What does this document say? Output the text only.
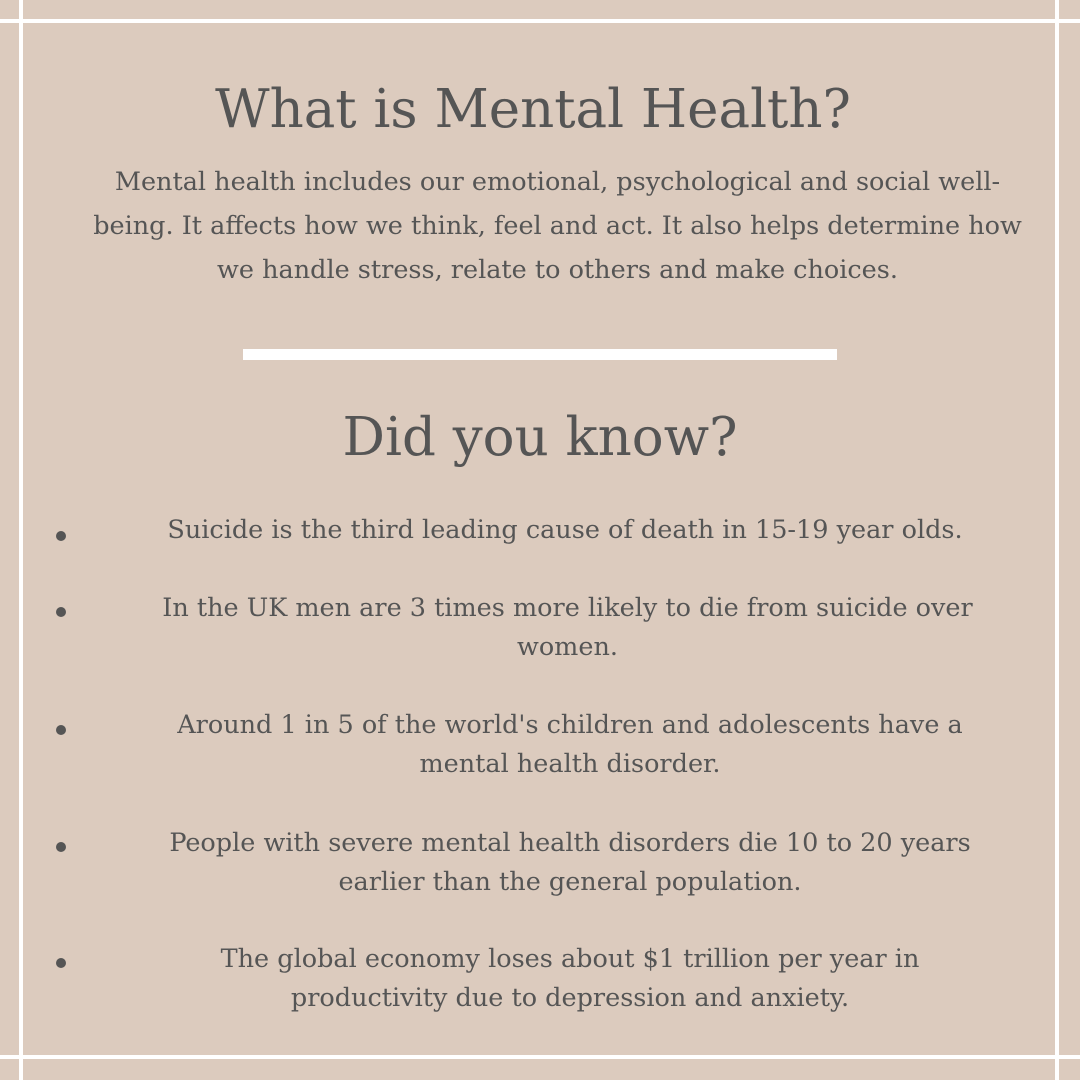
What is Mental Health?

Mental health includes our emotional, psychological and social well-being. It affects how we think, feel and act. It also helps determine how we handle stress, relate to others and make choices.

Did you know?
Suicide is the third leading cause of death in 15-19 year olds.
In the UK men are 3 times more likely to die from suicide over women.
Around 1 in 5 of the world's children and adolescents have a mental health disorder.
People with severe mental health disorders die 10 to 20 years earlier than the general population.
The global economy loses about $1 trillion per year in productivity due to depression and anxiety.
